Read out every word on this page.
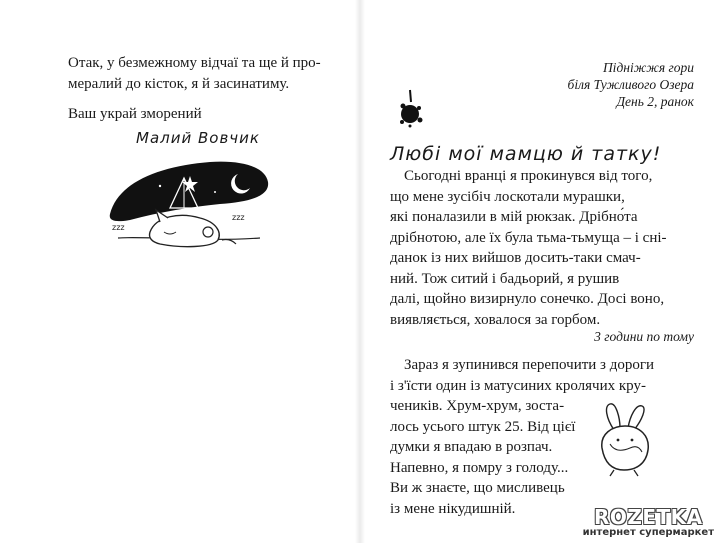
Отак, у безмежному відчаї та ще й про-
мералий до кісток, я й засинатиму.

Ваш украй зморений
Малий Вовчик
zzz
zzz
Підніжжя гори
біля Тужливого Озера
День 2, ранок
Любі мої мамцю й татку!

Сьогодні вранці я прокинувся від того,
що мене зусібіч лоскотали мурашки,
які поналазили в мій рюкзак. Дрібно́та
дрібнотою, але їх була тьма-тьмуща – і сні-
данок із них вийшов досить-таки смач-
ний. Тож ситий і бадьорий, я рушив
далі, щойно визирнуло сонечко. Досі воно,
виявляється, ховалося за горбом.

3 години по тому

Зараз я зупинився перепочити з дороги
і з'їсти один із матусиних кролячих кру-
чеників. Хрум-хрум, зоста-
лось усього штук 25. Від цієї
думки я впадаю в розпач.
Напевно, я помру з голоду...
Ви ж знаєте, що мисливець
із мене нікудишній.	ROZETKA
интернет супермаркет
